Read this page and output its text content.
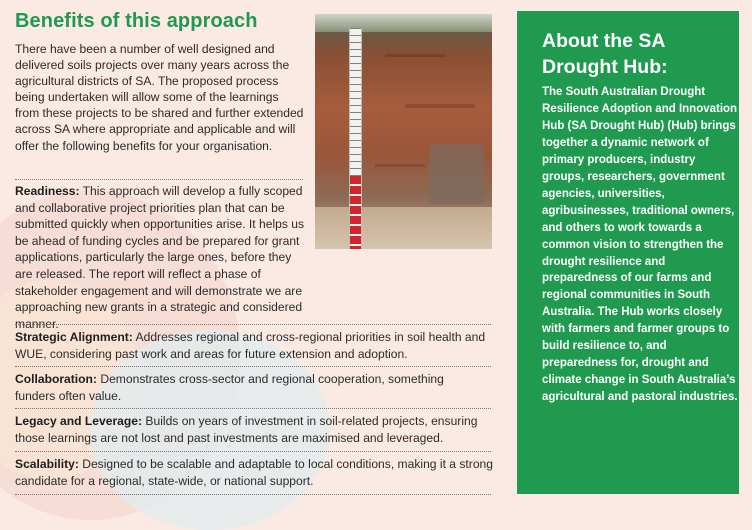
Benefits of this approach

There have been a number of well designed and delivered soils projects over many years across the agricultural districts of SA. The proposed process being undertaken will allow some of the learnings from these projects to be shared and further extended across SA where appropriate and applicable and will offer the following benefits for your organisation.

Readiness: This approach will develop a fully scoped and collaborative project priorities plan that can be submitted quickly when opportunities arise. It helps us be ahead of funding cycles and be prepared for grant applications, particularly the large ones, before they are released. The report will reflect a phase of stakeholder engagement and will demonstrate we are approaching new grants in a strategic and considered manner.

Strategic Alignment: Addresses regional and cross-regional priorities in soil health and WUE, considering past work and areas for future extension and adoption.

Collaboration: Demonstrates cross-sector and regional cooperation, something funders often value.

Legacy and Leverage: Builds on years of investment in soil-related projects, ensuring those learnings are not lost and past investments are maximised and leveraged.

Scalability: Designed to be scalable and adaptable to local conditions, making it a strong candidate for a regional, state-wide, or national support.

About the SA Drought Hub:

The South Australian Drought Resilience Adoption and Innovation Hub (SA Drought Hub) (Hub) brings together a dynamic network of primary producers, industry groups, researchers, government agencies, universities, agribusinesses, traditional owners, and others to work towards a common vision to strengthen the drought resilience and preparedness of our farms and regional communities in South Australia. The Hub works closely with farmers and farmer groups to build resilience to, and preparedness for, drought and climate change in South Australia’s agricultural and pastoral industries.
